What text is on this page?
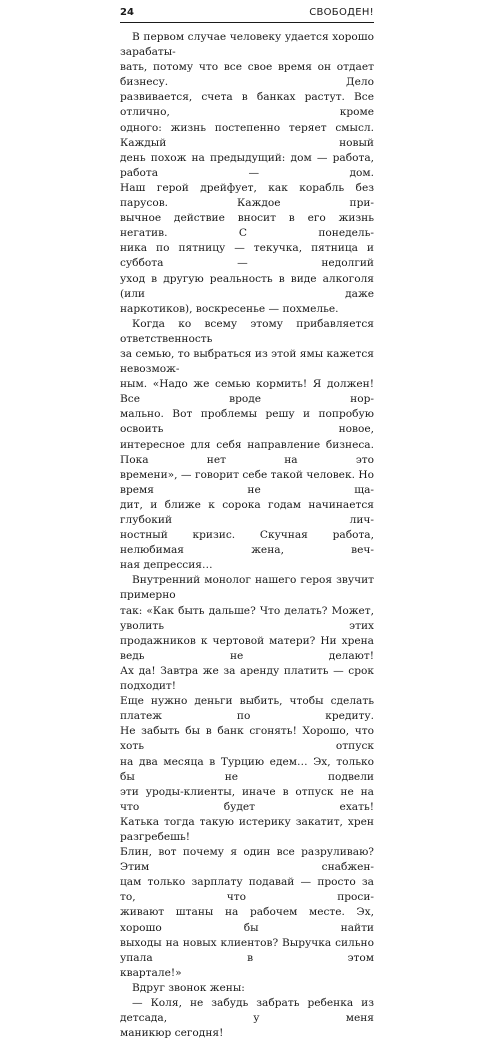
24	СВОБОДЕН!

В первом случае человеку удается хорошо зарабаты-

вать, потому что все свое время он отдает бизнесу. Дело

развивается, счета в банках растут. Все отлично, кроме

одного: жизнь постепенно теряет смысл. Каждый новый

день похож на предыдущий: дом — работа, работа — дом.

Наш герой дрейфует, как корабль без парусов. Каждое при-

вычное действие вносит в его жизнь негатив. С понедель-

ника по пятницу — текучка, пятница и суббота — недолгий

уход в другую реальность в виде алкоголя (или даже

наркотиков), воскресенье — похмелье.

Когда ко всему этому прибавляется ответственность

за семью, то выбраться из этой ямы кажется невозмож-

ным. «Надо же семью кормить! Я должен! Все вроде нор-

мально. Вот проблемы решу и попробую освоить новое,

интересное для себя направление бизнеса. Пока нет на это

времени», — говорит себе такой человек. Но время не ща-

дит, и ближе к сорока годам начинается глубокий лич-

ностный кризис. Скучная работа, нелюбимая жена, веч-

ная депрессия…

Внутренний монолог нашего героя звучит примерно

так: «Как быть дальше? Что делать? Может, уволить этих

продажников к чертовой матери? Ни хрена ведь не делают!

Ах да! Завтра же за аренду платить — срок подходит!

Еще нужно деньги выбить, чтобы сделать платеж по кредиту.

Не забыть бы в банк сгонять! Хорошо, что хоть отпуск

на два месяца в Турцию едем… Эх, только бы не подвели

эти уроды-клиенты, иначе в отпуск не на что будет ехать!

Катька тогда такую истерику закатит, хрен разгребешь!

Блин, вот почему я один все разруливаю? Этим снабжен-

цам только зарплату подавай — просто за то, что проси-

живают штаны на рабочем месте. Эх, хорошо бы найти

выходы на новых клиентов? Выручка сильно упала в этом

квартале!»

Вдруг звонок жены:

— Коля, не забудь забрать ребенка из детсада, у меня

маникюр сегодня!
